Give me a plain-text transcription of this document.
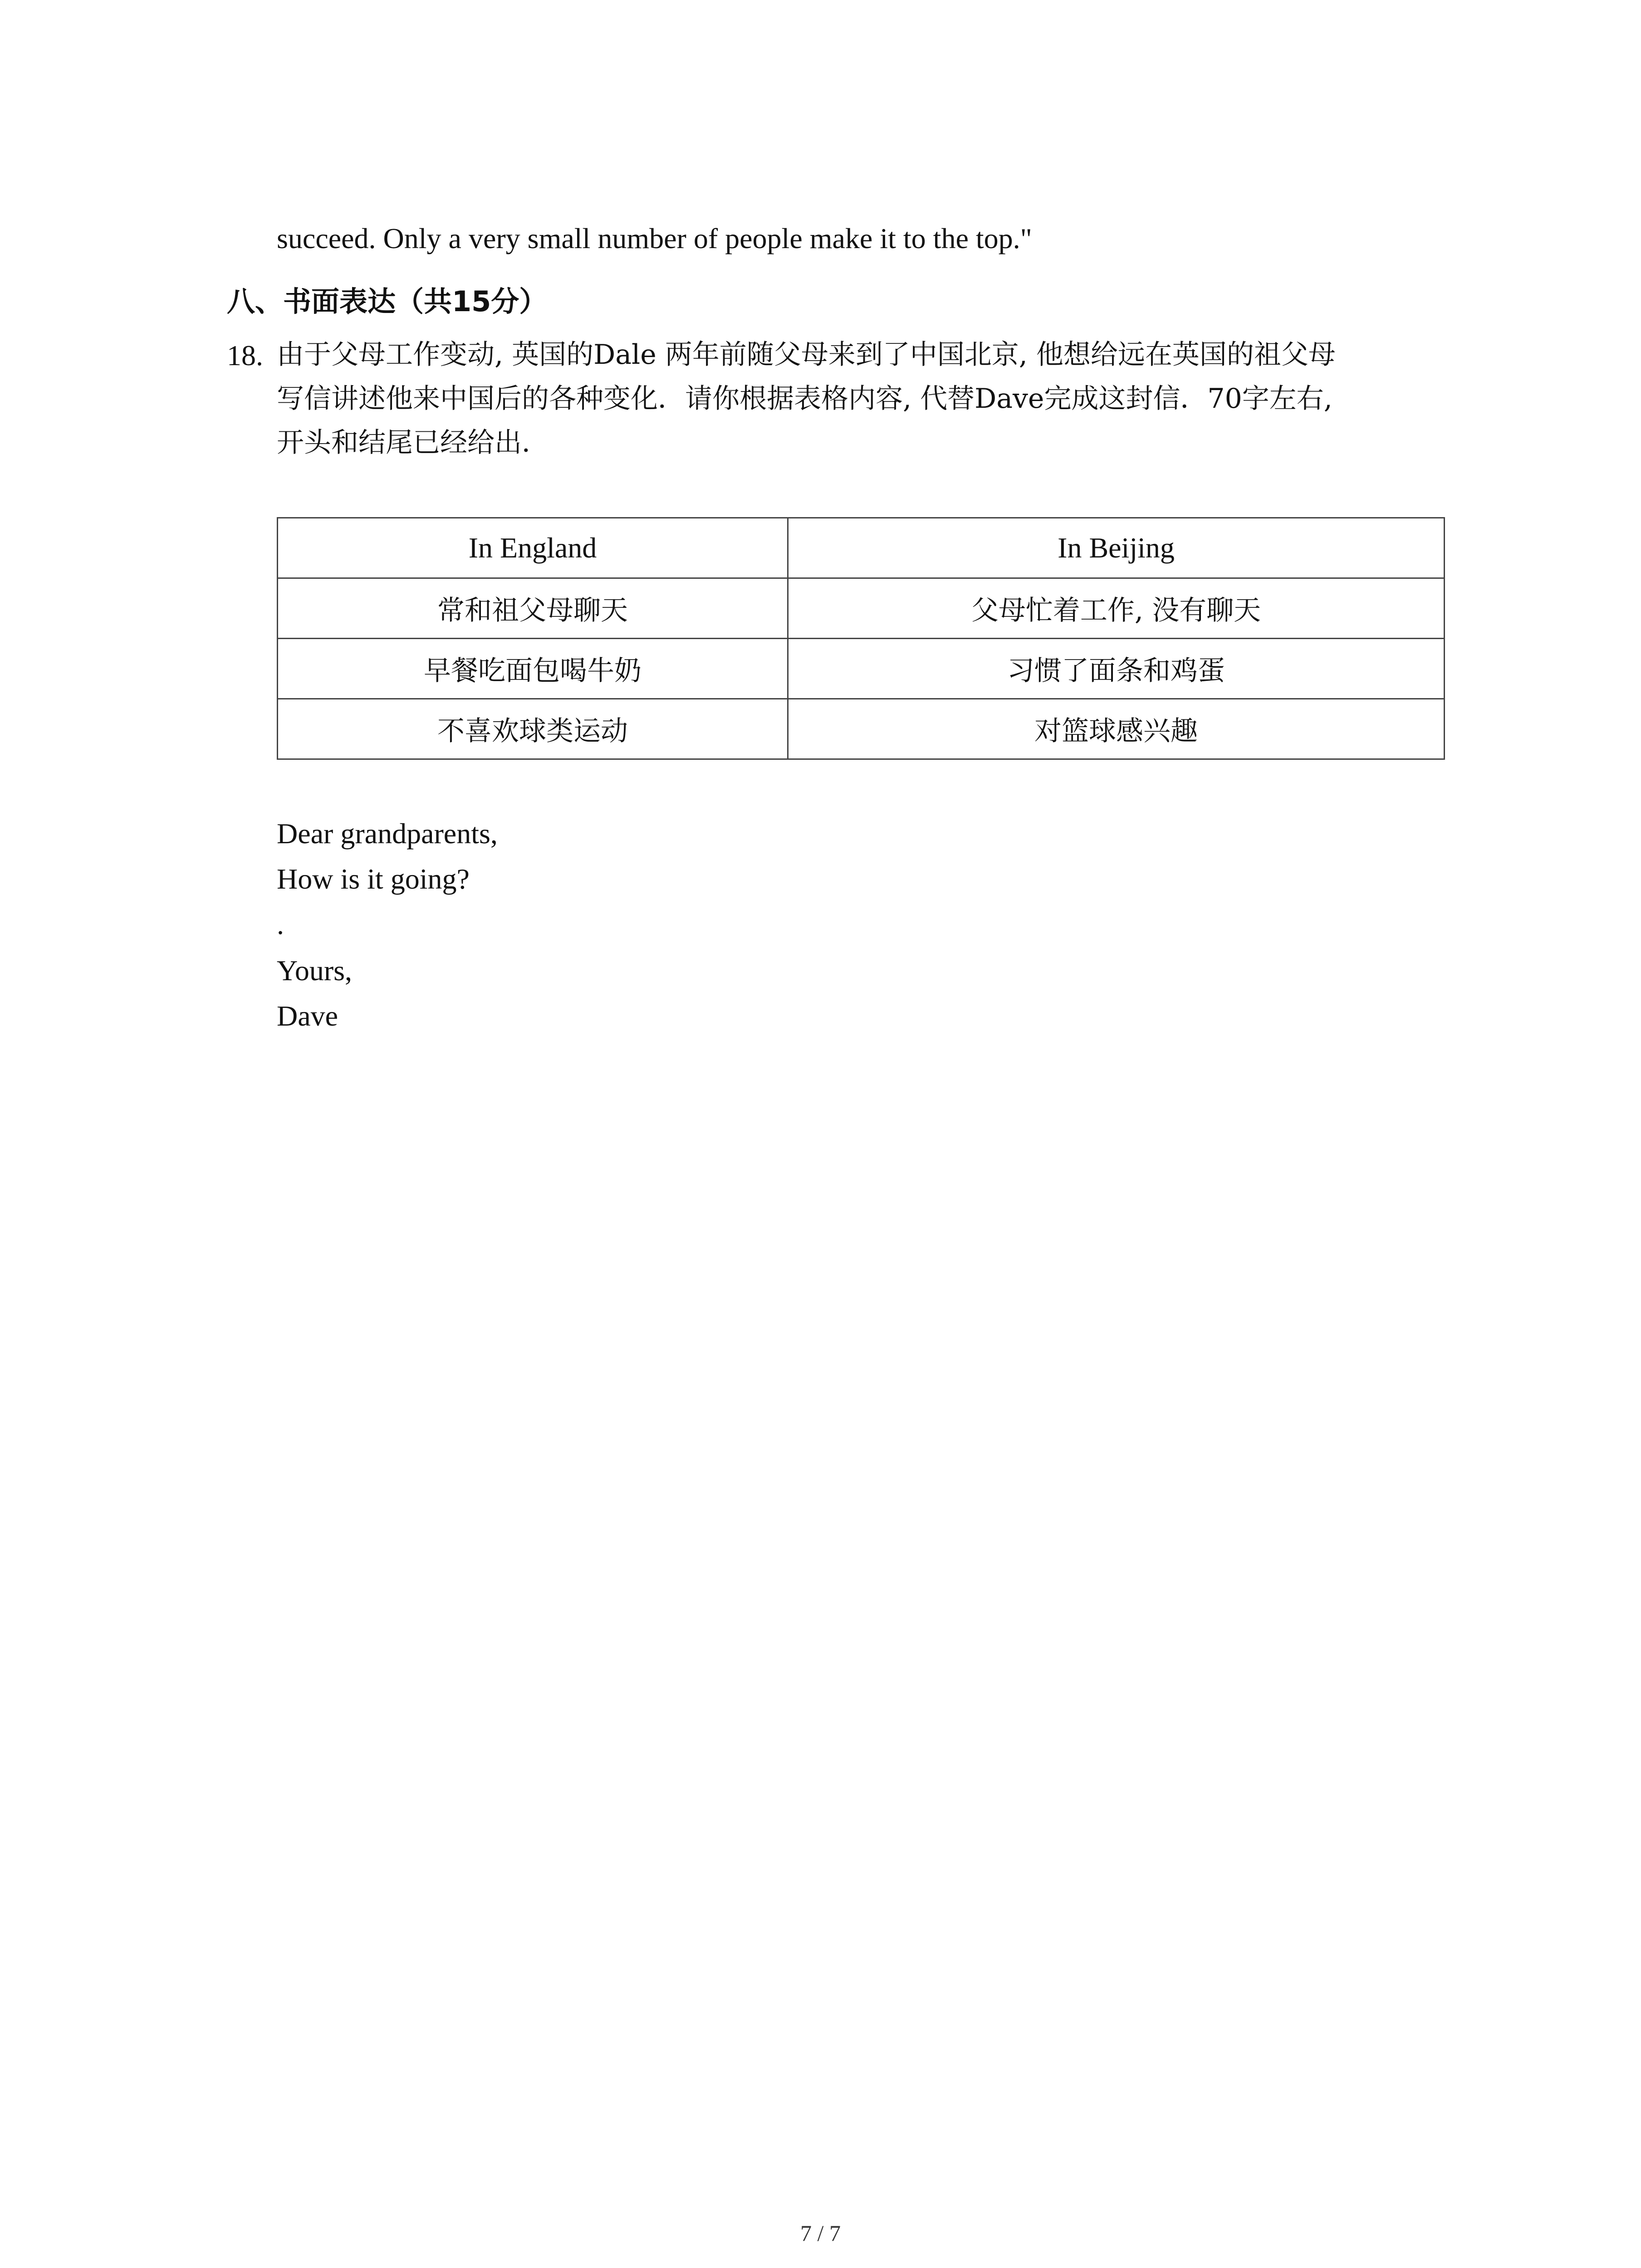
succeed. Only a very small number of people make it to the top."
八、书面表达（共15分）
18. 由于父母工作变动, 英国的Dale 两年前随父母来到了中国北京, 他想给远在英国的祖父母
写信讲述他来中国后的各种变化．请你根据表格内容, 代替Dave完成这封信．70字左右,
开头和结尾已经给出．
In England	In Beijing
常和祖父母聊天	父母忙着工作, 没有聊天
早餐吃面包喝牛奶	习惯了面条和鸡蛋
不喜欢球类运动	对篮球感兴趣
Dear grandparents,
How is it going?
.
Yours,
Dave
7 / 7
